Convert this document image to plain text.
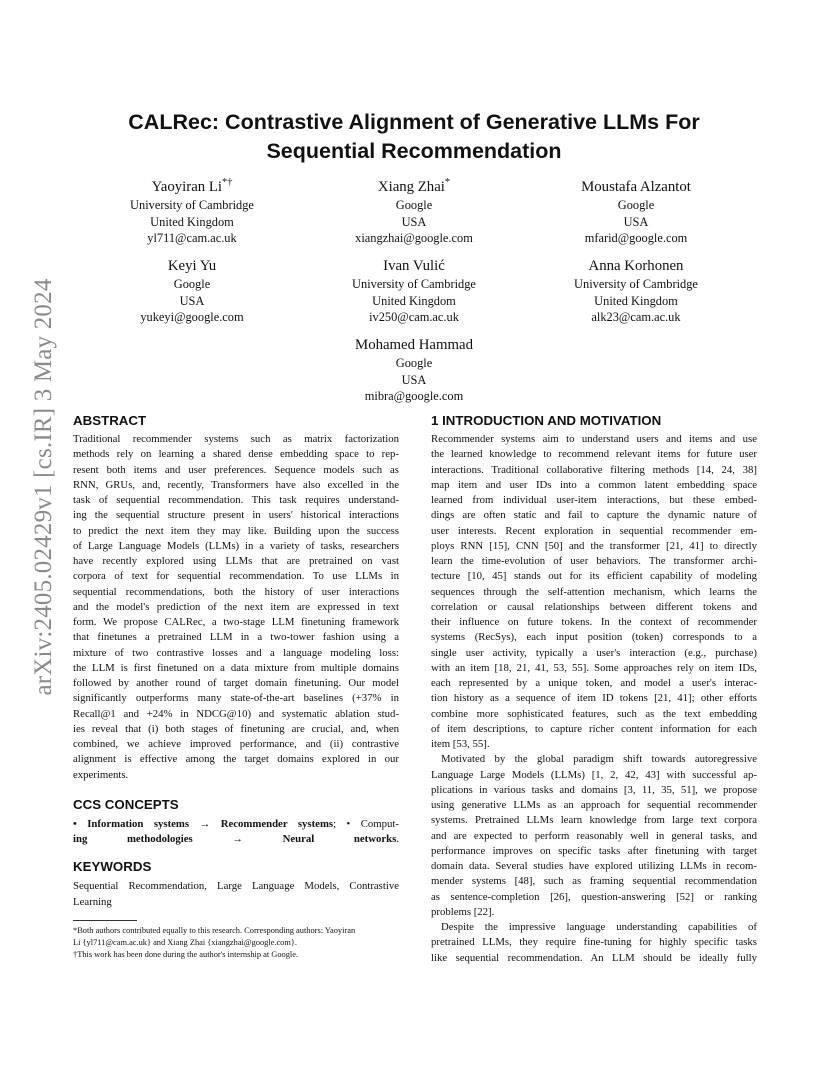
arXiv:2405.02429v1 [cs.IR] 3 May 2024
CALRec: Contrastive Alignment of Generative LLMs For
Sequential Recommendation
Yaoyiran Li*†
University of Cambridge
United Kingdom
yl711@cam.ac.uk
Xiang Zhai*
Google
USA
xiangzhai@google.com
Moustafa Alzantot
Google
USA
mfarid@google.com
Keyi Yu
Google
USA
yukeyi@google.com
Ivan Vulić
University of Cambridge
United Kingdom
iv250@cam.ac.uk
Anna Korhonen
University of Cambridge
United Kingdom
alk23@cam.ac.uk
Mohamed Hammad
Google
USA
mibra@google.com
ABSTRACT
Traditional recommender systems such as matrix factorization
methods rely on learning a shared dense embedding space to rep-
resent both items and user preferences. Sequence models such as
RNN, GRUs, and, recently, Transformers have also excelled in the
task of sequential recommendation. This task requires understand-
ing the sequential structure present in users' historical interactions
to predict the next item they may like. Building upon the success
of Large Language Models (LLMs) in a variety of tasks, researchers
have recently explored using LLMs that are pretrained on vast
corpora of text for sequential recommendation. To use LLMs in
sequential recommendations, both the history of user interactions
and the model's prediction of the next item are expressed in text
form. We propose CALRec, a two-stage LLM finetuning framework
that finetunes a pretrained LLM in a two-tower fashion using a
mixture of two contrastive losses and a language modeling loss:
the LLM is first finetuned on a data mixture from multiple domains
followed by another round of target domain finetuning. Our model
significantly outperforms many state-of-the-art baselines (+37% in
Recall@1 and +24% in NDCG@10) and systematic ablation stud-
ies reveal that (i) both stages of finetuning are crucial, and, when
combined, we achieve improved performance, and (ii) contrastive
alignment is effective among the target domains explored in our
experiments.
CCS CONCEPTS
• Information systems → Recommender systems; • Comput-
ing methodologies → Neural networks.
KEYWORDS
Sequential Recommendation, Large Language Models, Contrastive
Learning
*Both authors contributed equally to this research. Corresponding authors: Yaoyiran
Li {yl711@cam.ac.uk} and Xiang Zhai {xiangzhai@google.com}.
†This work has been done during the author's internship at Google.
1 INTRODUCTION AND MOTIVATION
Recommender systems aim to understand users and items and use
the learned knowledge to recommend relevant items for future user
interactions. Traditional collaborative filtering methods [14, 24, 38]
map item and user IDs into a common latent embedding space
learned from individual user-item interactions, but these embed-
dings are often static and fail to capture the dynamic nature of
user interests. Recent exploration in sequential recommender em-
ploys RNN [15], CNN [50] and the transformer [21, 41] to directly
learn the time-evolution of user behaviors. The transformer archi-
tecture [10, 45] stands out for its efficient capability of modeling
sequences through the self-attention mechanism, which learns the
correlation or causal relationships between different tokens and
their influence on future tokens. In the context of recommender
systems (RecSys), each input position (token) corresponds to a
single user activity, typically a user's interaction (e.g., purchase)
with an item [18, 21, 41, 53, 55]. Some approaches rely on item IDs,
each represented by a unique token, and model a user's interac-
tion history as a sequence of item ID tokens [21, 41]; other efforts
combine more sophisticated features, such as the text embedding
of item descriptions, to capture richer content information for each
item [53, 55].
Motivated by the global paradigm shift towards autoregressive
Language Large Models (LLMs) [1, 2, 42, 43] with successful ap-
plications in various tasks and domains [3, 11, 35, 51], we propose
using generative LLMs as an approach for sequential recommender
systems. Pretrained LLMs learn knowledge from large text corpora
and are expected to perform reasonably well in general tasks, and
performance improves on specific tasks after finetuning with target
domain data. Several studies have explored utilizing LLMs in recom-
mender systems [48], such as framing sequential recommendation
as sentence-completion [26], question-answering [52] or ranking
problems [22].
Despite the impressive language understanding capabilities of
pretrained LLMs, they require fine-tuning for highly specific tasks
like sequential recommendation. An LLM should be ideally fully
